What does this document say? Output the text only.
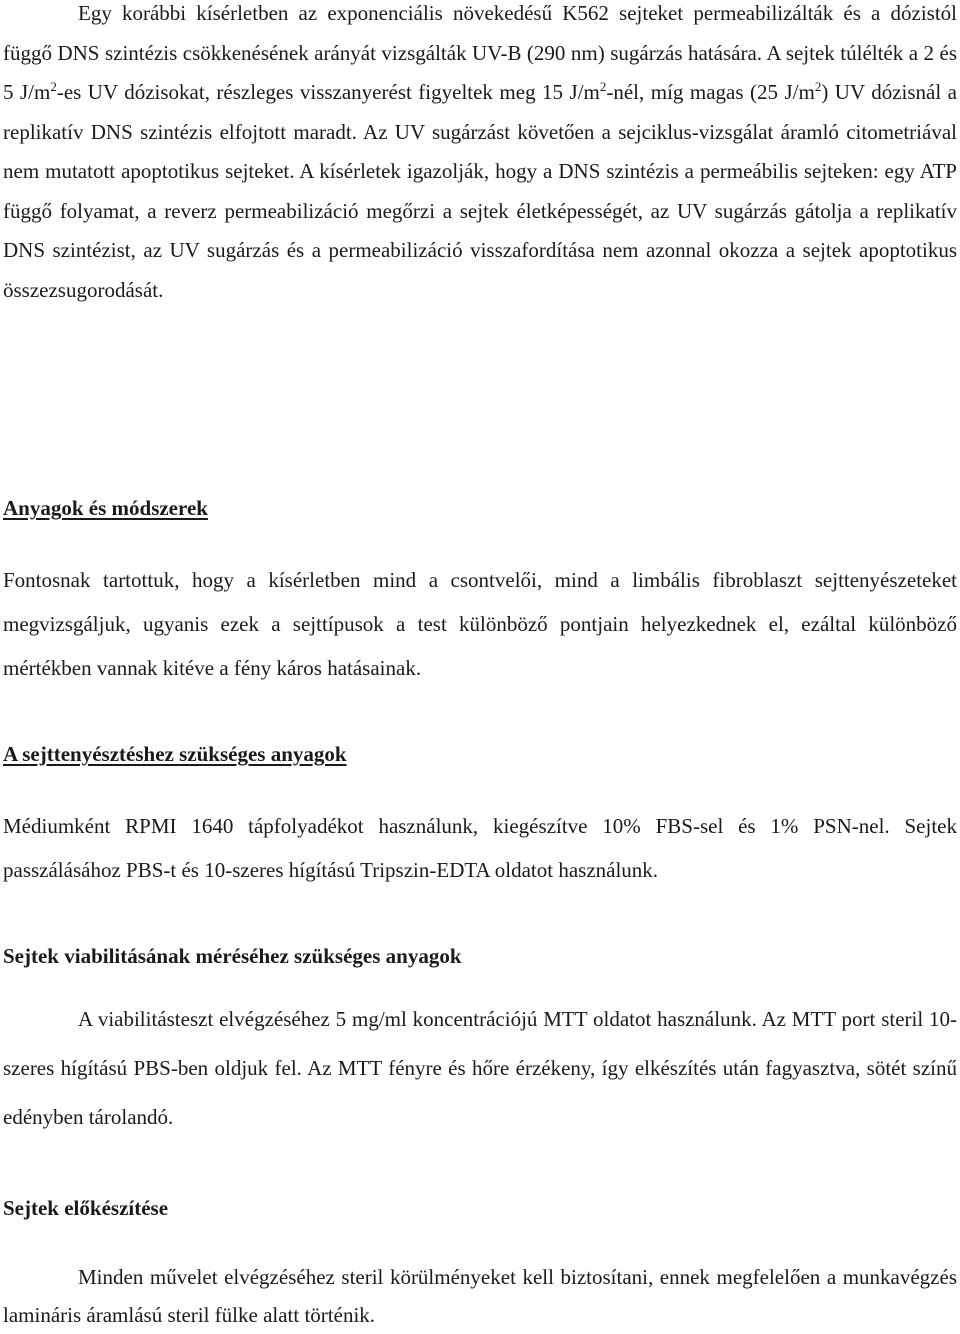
Egy korábbi kísérletben az exponenciális növekedésű K562 sejteket permeabilizálták és a dózistól függő DNS szintézis csökkenésének arányát vizsgálták UV-B (290 nm) sugárzás hatására. A sejtek túlélték a 2 és 5 $J/m^2-es$ UV dózisokat, részleges visszanyerést figyeltek meg 15 $J/m^2$-nél, míg magas (25 $J/m^2$) UV dózisnál a replikatív DNS szintézis elfojtott maradt. Az UV sugárzást követően a sejciklus-vizsgálat áramló citometriával nem mutatott apoptotikus sejteket. A kísérletek igazolják, hogy a DNS szintézis a permeábilis sejteken: egy ATP függő folyamat, a reverz permeabilizáció megőrzi a sejtek életképességét, az UV sugárzás gátolja a replikatív DNS szintézist, az UV sugárzás és a permeabilizáció visszafordítása nem azonnal okozza a sejtek apoptotikus összezsugorodását.

Anyagok és módszerek

Fontosnak tartottuk, hogy a kísérletben mind a csontvelői, mind a limbális fibroblaszt sejttenyészeteket megvizsgáljuk, ugyanis ezek a sejttípusok a test különböző pontjain helyezkednek el, ezáltal különböző mértékben vannak kitéve a fény káros hatásainak.

A sejttenyésztéshez szükséges anyagok

Médiumként RPMI 1640 tápfolyadékot használunk, kiegészítve 10% FBS-sel és 1% PSN-nel. Sejtek passzálásához PBS-t és 10-szeres hígítású Tripszin-EDTA oldatot használunk.

Sejtek viabilitásának méréséhez szükséges anyagok

A viabilitásteszt elvégzéséhez 5 mg/ml koncentrációjú MTT oldatot használunk. Az MTT port steril 10-szeres hígítású PBS-ben oldjuk fel. Az MTT fényre és hőre érzékeny, így elkészítés után fagyasztva, sötét színű edényben tárolandó.

Sejtek előkészítése

Minden művelet elvégzéséhez steril körülményeket kell biztosítani, ennek megfelelően a munkavégzés lamináris áramlású steril fülke alatt történik.
